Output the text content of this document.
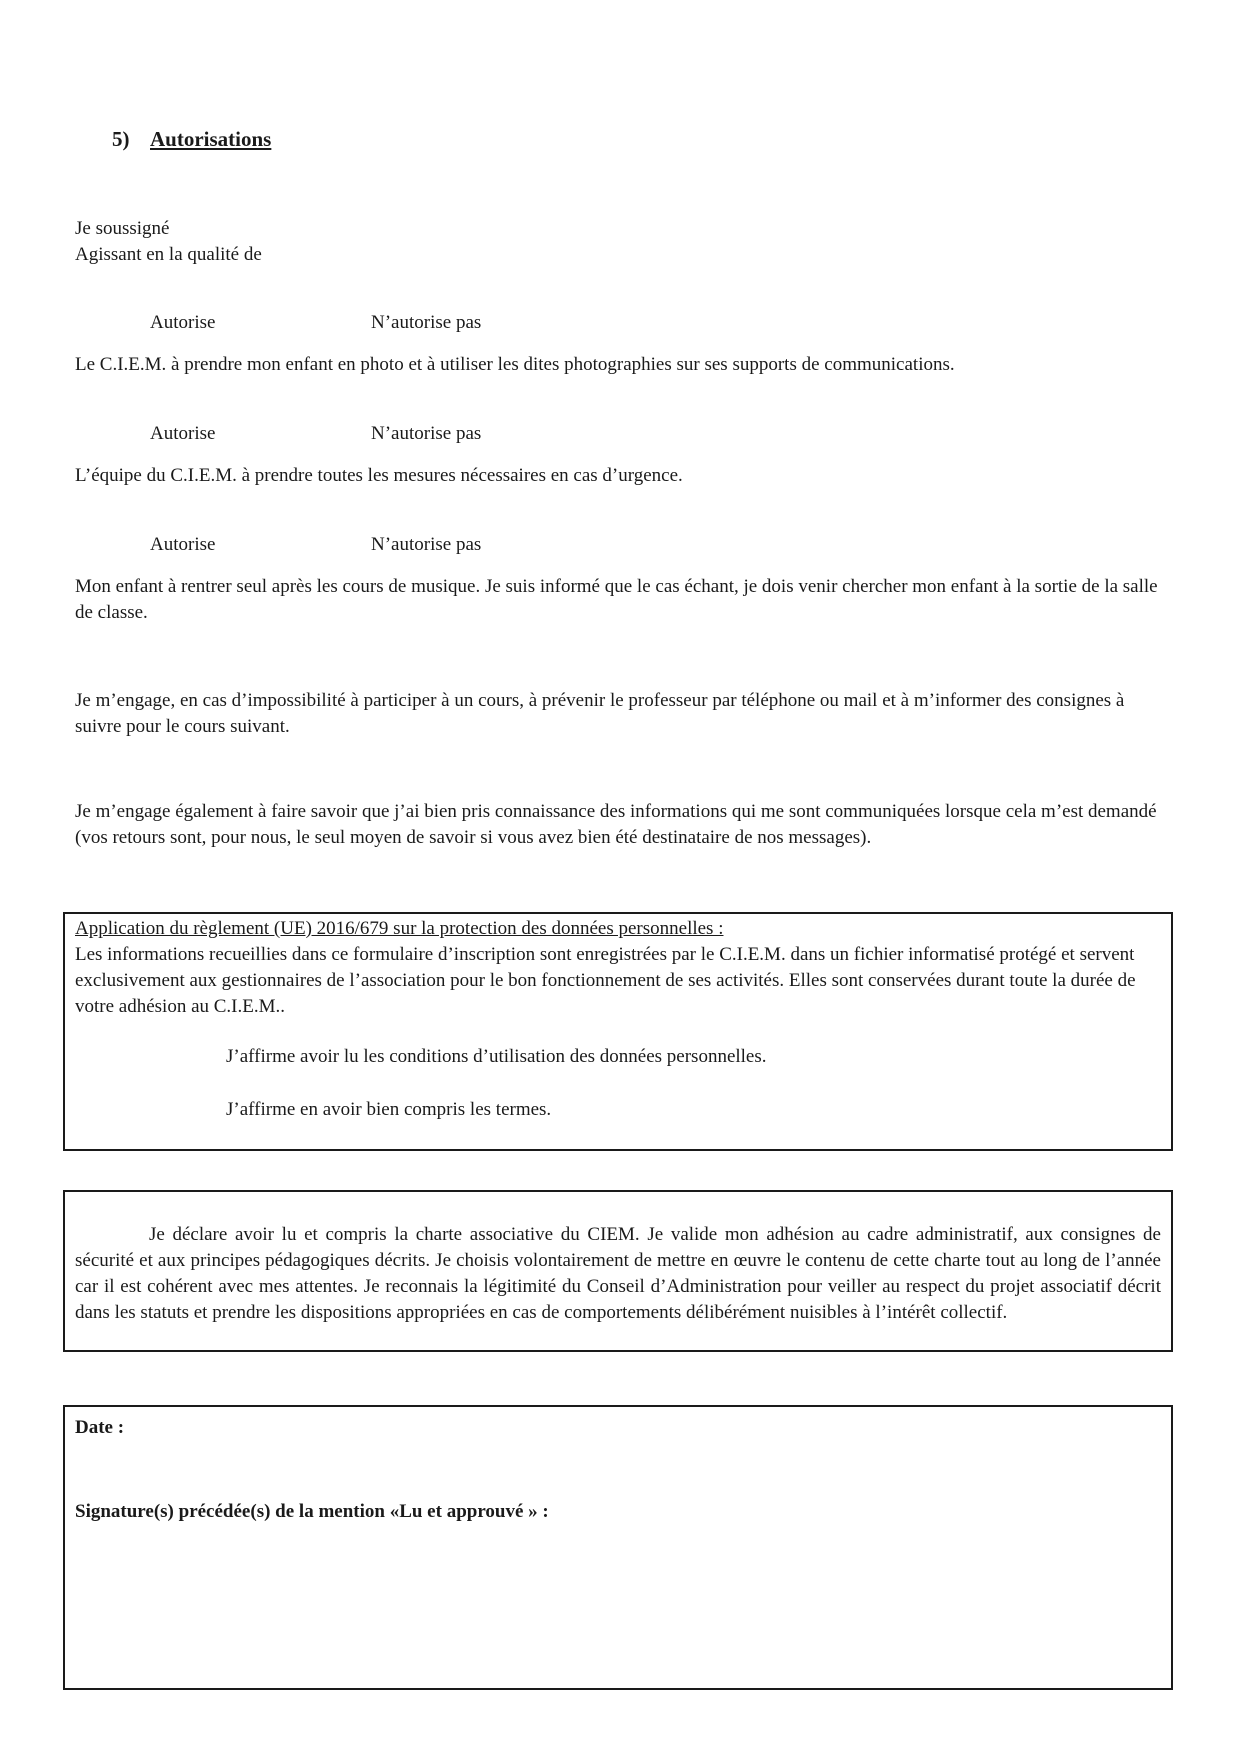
5) Autorisations
Je soussigné
Agissant en la qualité de
Autorise	N’autorise pas
Le C.I.E.M. à prendre mon enfant en photo et à utiliser les dites photographies sur ses supports de communications.
Autorise	N’autorise pas
L’équipe du C.I.E.M. à prendre toutes les mesures nécessaires en cas d’urgence.
Autorise	N’autorise pas
Mon enfant à rentrer seul après les cours de musique. Je suis informé que le cas échant, je dois venir chercher mon enfant à la sortie de la salle de classe.
Je m’engage, en cas d’impossibilité à participer à un cours, à prévenir le professeur par téléphone ou mail et à m’informer des consignes à suivre pour le cours suivant.
Je m’engage également à faire savoir que j’ai bien pris connaissance des informations qui me sont communiquées lorsque cela m’est demandé (vos retours sont, pour nous, le seul moyen de savoir si vous avez bien été destinataire de nos messages).
Application du règlement (UE) 2016/679 sur la protection des données personnelles :
Les informations recueillies dans ce formulaire d’inscription sont enregistrées par le C.I.E.M. dans un fichier informatisé protégé et servent exclusivement aux gestionnaires de l’association pour le bon fonctionnement de ses activités. Elles sont conservées durant toute la durée de votre adhésion au C.I.E.M..
J’affirme avoir lu les conditions d’utilisation des données personnelles.
J’affirme en avoir bien compris les termes.
Je déclare avoir lu et compris la charte associative du CIEM. Je valide mon adhésion au cadre administratif, aux consignes de sécurité et aux principes pédagogiques décrits. Je choisis volontairement de mettre en œuvre le contenu de cette charte tout au long de l’année car il est cohérent avec mes attentes. Je reconnais la légitimité du Conseil d’Administration pour veiller au respect du projet associatif décrit dans les statuts et prendre les dispositions appropriées en cas de comportements délibérément nuisibles à l’intérêt collectif.
Date :
Signature(s) précédée(s) de la mention «Lu et approuvé » :
